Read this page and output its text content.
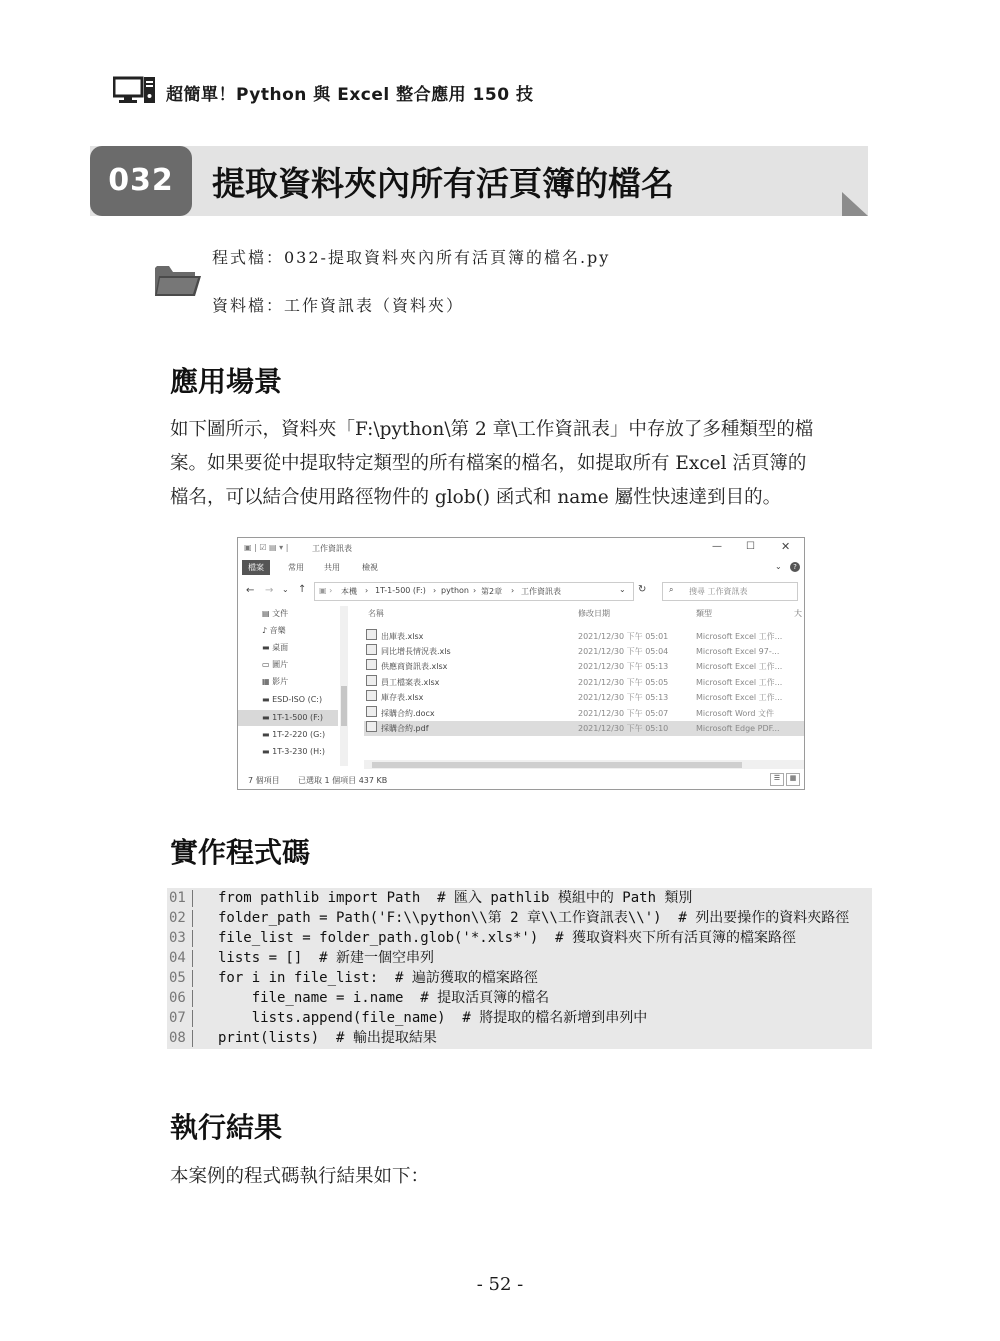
超簡單！Python 與 Excel 整合應用 150 技
032	提取資料夾內所有活頁簿的檔名
程式檔：032-提取資料夾內所有活頁簿的檔名.py
資料檔：工作資訊表（資料夾）
應用場景
如下圖所示，資料夾「F:\python\第 2 章\工作資訊表」中存放了多種類型的檔
案。如果要從中提取特定類型的所有檔案的檔名，如提取所有 Excel 活頁簿的
檔名，可以結合使用路徑物件的 glob() 函式和 name 屬性快速達到目的。
▣ | ☑ ▤ ▾ |	工作資訊表	— ☐ ✕
檔案	常用	共用	檢視	⌄	?
← → ⌄ ↑ ▣ › 本機 › 1T-1-500 (F:) › python › 第2章 › 工作資訊表	⌄ ↻	⌕ 搜尋 工作資訊表
▤ 文件
♪ 音樂
▬ 桌面
▭ 圖片
▦ 影片
▬ ESD-ISO (C:)
▬ 1T-1-500 (F:)
▬ 1T-2-220 (G:)
▬ 1T-3-230 (H:)
名稱	修改日期	類型	大
出庫表.xlsx	2021/12/30 下午 05:01	Microsoft Excel 工作...
同比增長情況表.xls	2021/12/30 下午 05:04	Microsoft Excel 97-...
供應商資訊表.xlsx	2021/12/30 下午 05:13	Microsoft Excel 工作...
員工檔案表.xlsx	2021/12/30 下午 05:05	Microsoft Excel 工作...
庫存表.xlsx	2021/12/30 下午 05:13	Microsoft Excel 工作...
採購合約.docx	2021/12/30 下午 05:07	Microsoft Word 文件
採購合約.pdf	2021/12/30 下午 05:10	Microsoft Edge PDF...
7 個項目 已選取 1 個項目 437 KB	☰	▦
實作程式碼
01	from pathlib import Path  # 匯入 pathlib 模組中的 Path 類別
02	folder_path = Path('F:\\python\\第 2 章\\工作資訊表\\')  # 列出要操作的資料夾路徑
03	file_list = folder_path.glob('*.xls*')  # 獲取資料夾下所有活頁簿的檔案路徑
04	lists = []  # 新建一個空串列
05	for i in file_list:  # 遍訪獲取的檔案路徑
06	file_name = i.name  # 提取活頁簿的檔名
07	lists.append(file_name)  # 將提取的檔名新增到串列中
08	print(lists)  # 輸出提取結果
執行結果
本案例的程式碼執行結果如下：
- 52 -
